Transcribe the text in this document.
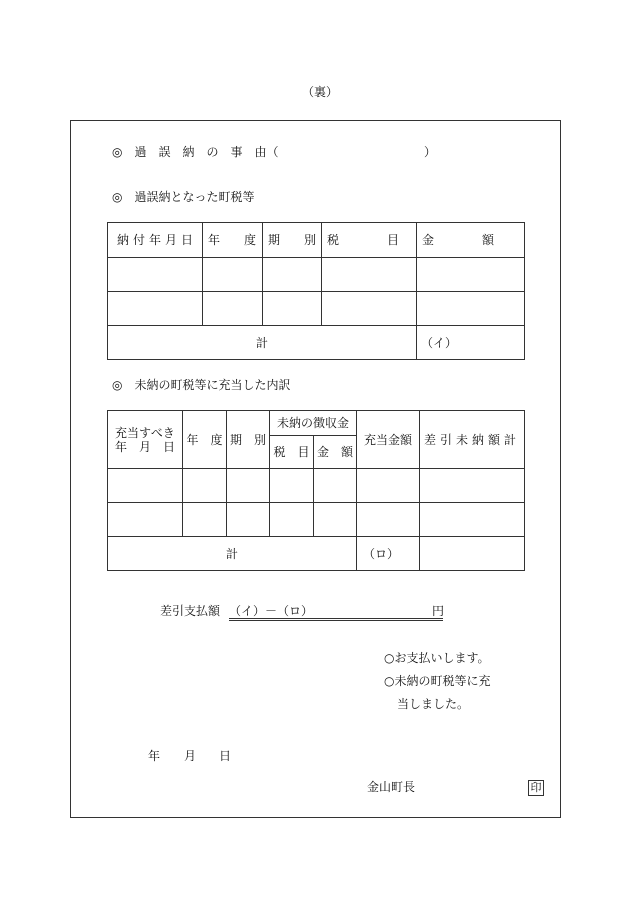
（裏）
◎　過　誤　納　の　事　由（	）
◎　過誤納となった町税等
納付年月日	年　　度	期　　別	税　　　　目	金　　　　額

計				（イ）
◎　未納の町税等に充当した内訳
充当すべき
年　月　日	年　度	期　別	未納の徴収金		充当金額	差引未納額計
			税　目	金　額		

計					（ロ）	
差引支払額 （イ）－（ロ）	円
○お支払いします。
○未納の町税等に充
当しました。
年 月 日
金山町長	印
